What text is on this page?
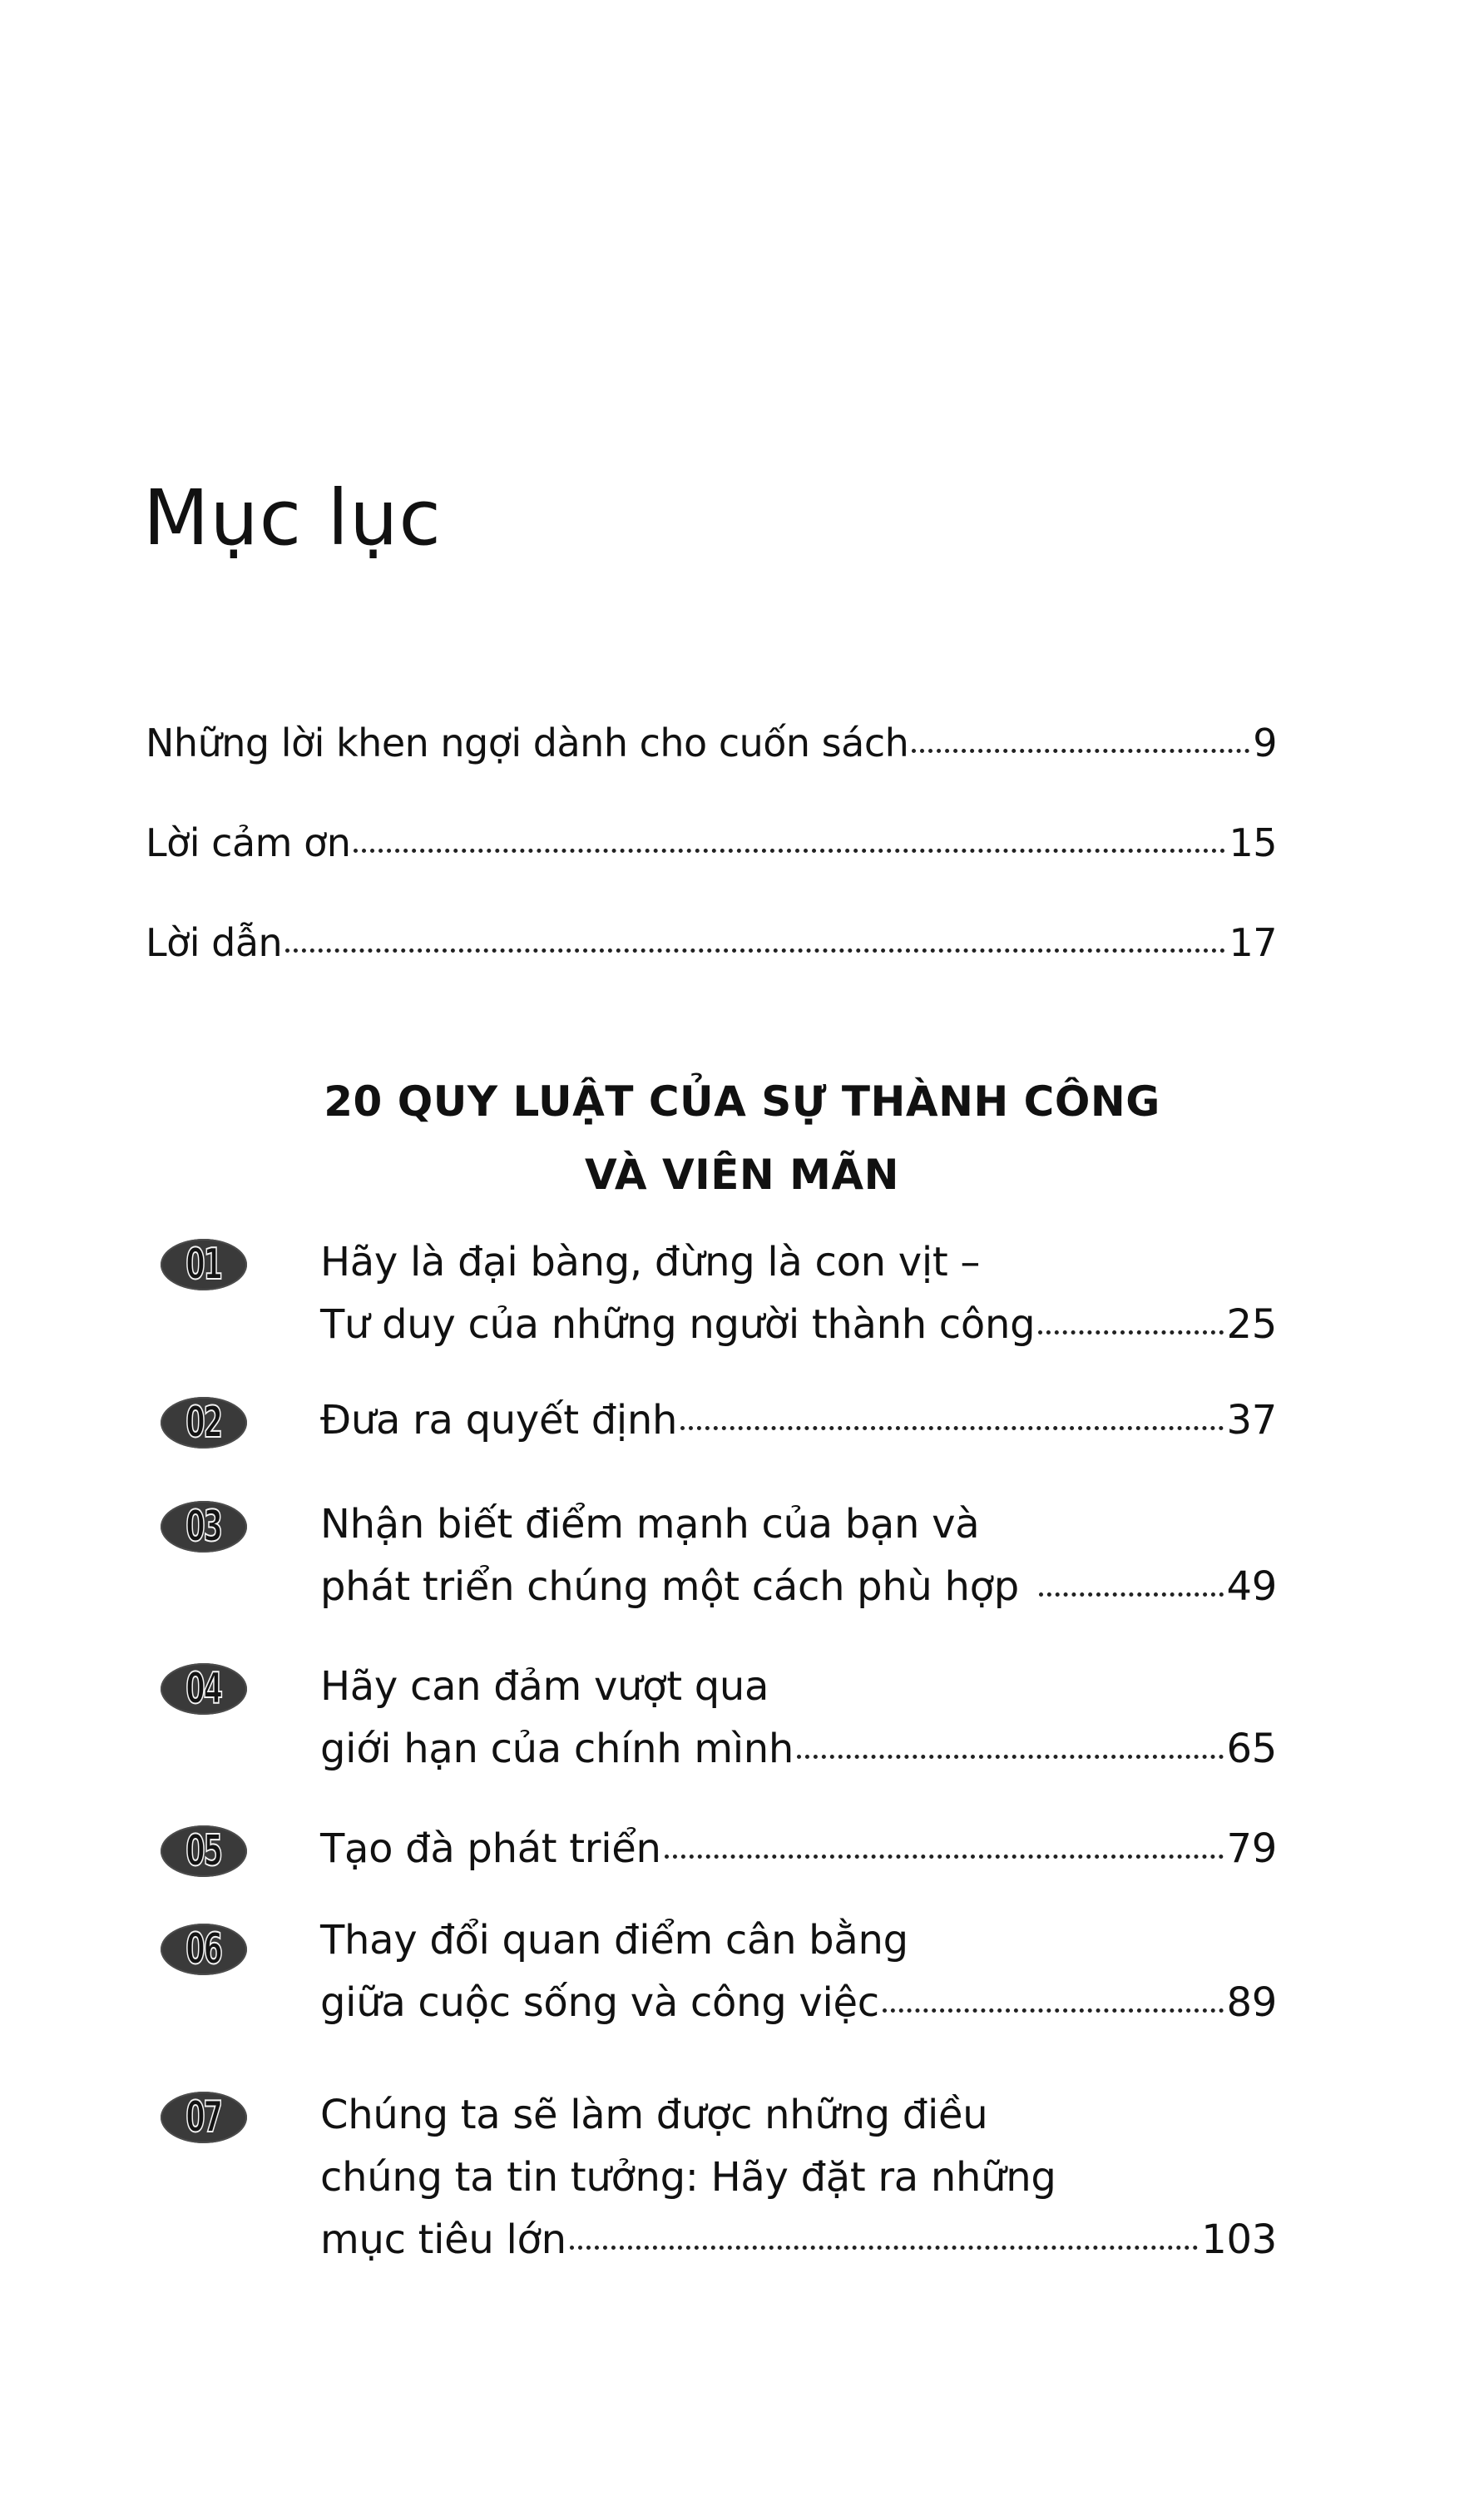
Mục lục
Những lời khen ngợi dành cho cuốn sách	9
Lời cảm ơn	15
Lời dẫn	17
20 QUY LUẬT CỦA SỰ THÀNH CÔNG
VÀ VIÊN MÃN
01 Hãy là đại bàng, đừng là con vịt –
Tư duy của những người thành công	25
02 Đưa ra quyết định	37
03 Nhận biết điểm mạnh của bạn và
phát triển chúng một cách phù hợp	49
04 Hãy can đảm vượt qua
giới hạn của chính mình	65
05 Tạo đà phát triển	79
06 Thay đổi quan điểm cân bằng
giữa cuộc sống và công việc	89
07 Chúng ta sẽ làm được những điều
chúng ta tin tưởng: Hãy đặt ra những
mục tiêu lớn	103
